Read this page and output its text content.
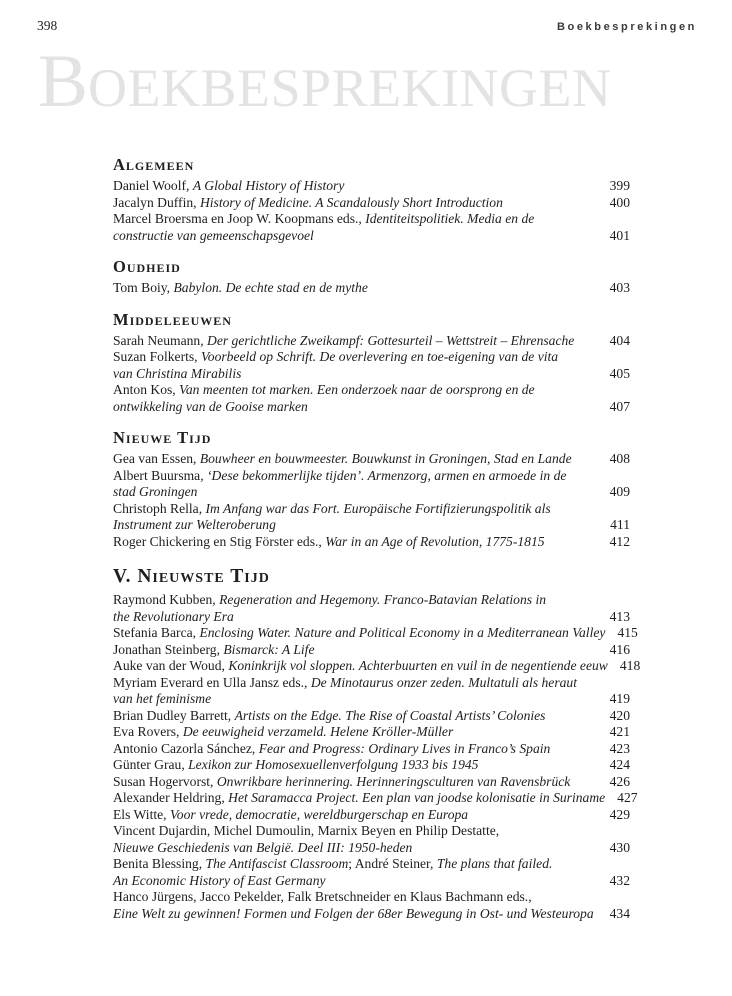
398	Boekbesprekingen
BOEKBESPREKINGEN
Algemeen
Daniel Woolf, A Global History of History	399
Jacalyn Duffin, History of Medicine. A Scandalously Short Introduction	400
Marcel Broersma en Joop W. Koopmans eds., Identiteitspolitiek. Media en de
constructie van gemeenschapsgevoel	401
Oudheid
Tom Boiy, Babylon. De echte stad en de mythe	403
Middeleeuwen
Sarah Neumann, Der gerichtliche Zweikampf: Gottesurteil – Wettstreit – Ehrensache	404
Suzan Folkerts, Voorbeeld op Schrift. De overlevering en toe-eigening van de vita
van Christina Mirabilis	405
Anton Kos, Van meenten tot marken. Een onderzoek naar de oorsprong en de
ontwikkeling van de Gooise marken	407
Nieuwe Tijd
Gea van Essen, Bouwheer en bouwmeester. Bouwkunst in Groningen, Stad en Lande	408
Albert Buursma, ‘Dese bekommerlijke tijden’. Armenzorg, armen en armoede in de
stad Groningen	409
Christoph Rella, Im Anfang war das Fort. Europäische Fortifizierungspolitik als
Instrument zur Welteroberung	411
Roger Chickering en Stig Förster eds., War in an Age of Revolution, 1775-1815	412
V. Nieuwste Tijd
Raymond Kubben, Regeneration and Hegemony. Franco-Batavian Relations in
the Revolutionary Era	413
Stefania Barca, Enclosing Water. Nature and Political Economy in a Mediterranean Valley 415
Jonathan Steinberg, Bismarck: A Life	416
Auke van der Woud, Koninkrijk vol sloppen. Achterbuurten en vuil in de negentiende eeuw 418
Myriam Everard en Ulla Jansz eds., De Minotaurus onzer zeden. Multatuli als heraut
van het feminisme	419
Brian Dudley Barrett, Artists on the Edge. The Rise of Coastal Artists’ Colonies	420
Eva Rovers, De eeuwigheid verzameld. Helene Kröller-Müller	421
Antonio Cazorla Sánchez, Fear and Progress: Ordinary Lives in Franco’s Spain	423
Günter Grau, Lexikon zur Homosexuellenverfolgung 1933 bis 1945	424
Susan Hogervorst, Onwrikbare herinnering. Herinneringsculturen van Ravensbrück	426
Alexander Heldring, Het Saramacca Project. Een plan van joodse kolonisatie in Suriname 427
Els Witte, Voor vrede, democratie, wereldburgerschap en Europa	429
Vincent Dujardin, Michel Dumoulin, Marnix Beyen en Philip Destatte,
Nieuwe Geschiedenis van België. Deel III: 1950-heden	430
Benita Blessing, The Antifascist Classroom; André Steiner, The plans that failed.
An Economic History of East Germany	432
Hanco Jürgens, Jacco Pekelder, Falk Bretschneider en Klaus Bachmann eds.,
Eine Welt zu gewinnen! Formen und Folgen der 68er Bewegung in Ost- und Westeuropa	434
